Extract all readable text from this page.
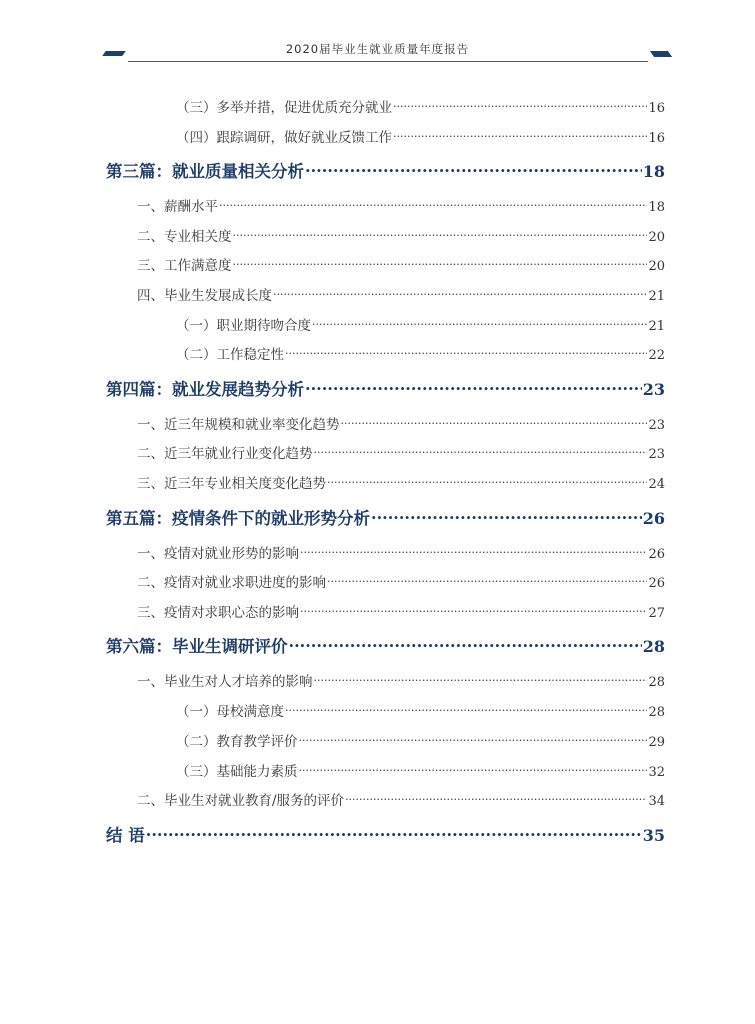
2020届毕业生就业质量年度报告
（三）多举并措，促进优质充分就业 .....	16
（四）跟踪调研，做好就业反馈工作 .....	16
第三篇：就业质量相关分析 .....	18
一、薪酬水平 .....	18
二、专业相关度 .....	20
三、工作满意度 .....	20
四、毕业生发展成长度 .....	21
（一）职业期待吻合度 .....	21
（二）工作稳定性 .....	22
第四篇：就业发展趋势分析 .....	23
一、近三年规模和就业率变化趋势 .....	23
二、近三年就业行业变化趋势 .....	23
三、近三年专业相关度变化趋势 .....	24
第五篇：疫情条件下的就业形势分析 .....	26
一、疫情对就业形势的影响 .....	26
二、疫情对就业求职进度的影响 .....	26
三、疫情对求职心态的影响 .....	27
第六篇：毕业生调研评价 .....	28
一、毕业生对人才培养的影响 .....	28
（一）母校满意度 .....	28
（二）教育教学评价 .....	29
（三）基础能力素质 .....	32
二、毕业生对就业教育/服务的评价 .....	34
结 语 .....	35
